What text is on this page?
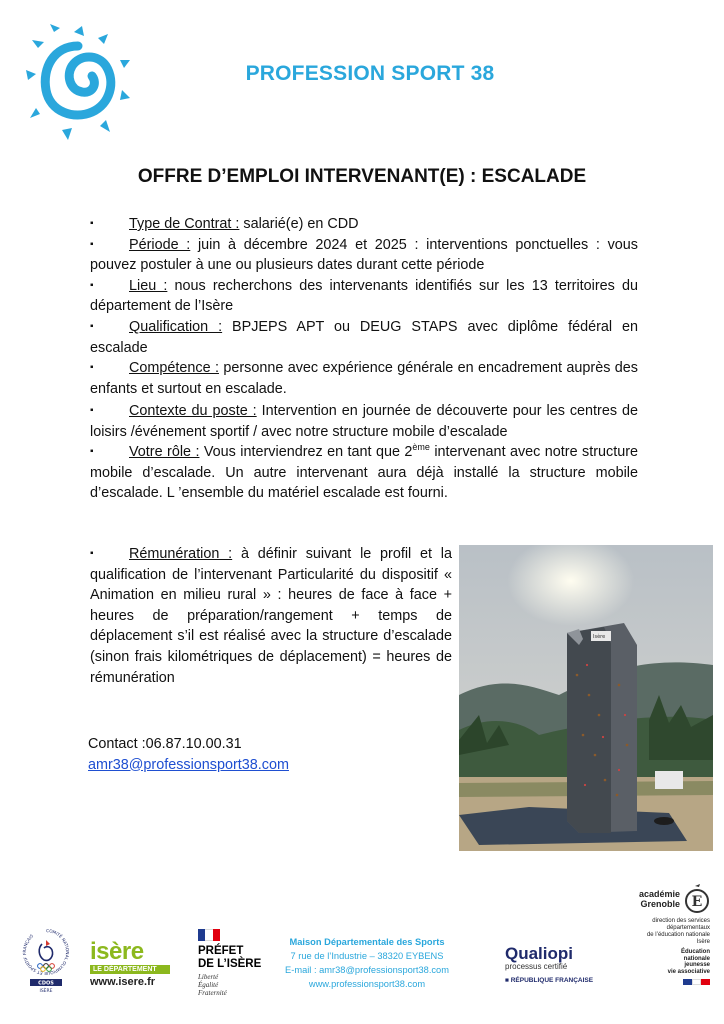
PROFESSION SPORT 38
OFFRE D’EMPLOI INTERVENANT(E) : ESCALADE

▪ Type de Contrat : salarié(e) en CDD

▪ Période : juin à décembre 2024 et 2025 : interventions ponctuelles : vous pouvez postuler à une ou plusieurs dates durant cette période

▪ Lieu : nous recherchons des intervenants identifiés sur les 13 territoires du département de l’Isère

▪ Qualification : BPJEPS APT ou DEUG STAPS avec diplôme fédéral en escalade

▪ Compétence : personne avec expérience générale en encadrement auprès des enfants et surtout en escalade.

▪ Contexte du poste : Intervention en journée de découverte pour les centres de loisirs /événement sportif / avec notre structure mobile d’escalade

▪ Votre rôle : Vous interviendrez en tant que 2ème intervenant avec notre structure mobile d’escalade. Un autre intervenant aura déjà installé la structure mobile d’escalade. L ’ensemble du matériel escalade est fourni.

▪ Rémunération : à définir suivant le profil et la qualification de l’intervenant Particularité du dispositif « Animation en milieu rural » : heures de face à face + heures de préparation/rangement + temps de déplacement s’il est réalisé avec la structure d’escalade (sinon frais kilométriques de déplacement) = heures de rémunération

Isère
Contact :06.87.10.00.31
amr38@professionsport38.com
COMITÉ NATIONAL OLYMPIQUE ET SPORTIF FRANÇAIS
CDOS
ISÈRE
isère
LE DÉPARTEMENT
www.isere.fr
PRÉFET
DE L’ISÈRE
Liberté
Égalité
Fraternité
Maison Départementale des Sports
7 rue de l’Industrie – 38320 EYBENS
E-mail : amr38@professionsport38.com
www.professionsport38.com
Qualiopi
processus certifié
■ RÉPUBLIQUE FRANÇAISE
académie
Grenoble E
direction des services
départementaux
de l’éducation nationale
Isère
Éducation
nationale
jeunesse
vie associative
